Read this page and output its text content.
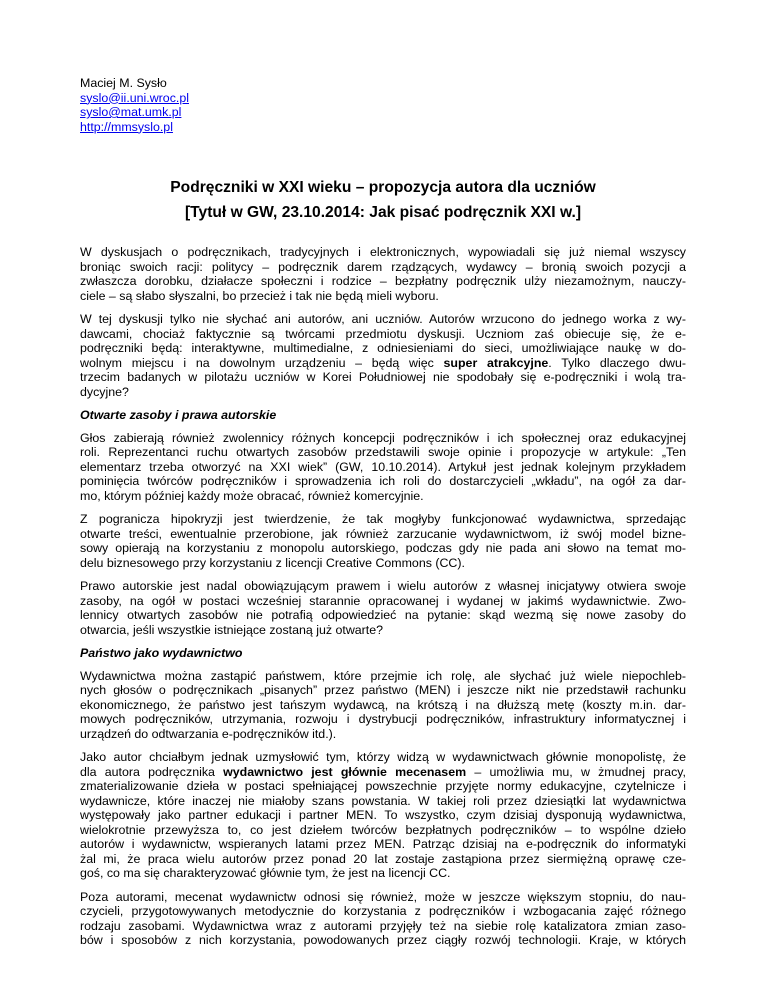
Maciej M. Sysło
syslo@ii.uni.wroc.pl
syslo@mat.umk.pl
http://mmsyslo.pl
Podręczniki w XXI wieku – propozycja autora dla uczniów
[Tytuł w GW, 23.10.2014: Jak pisać podręcznik XXI w.]

W dyskusjach o podręcznikach, tradycyjnych i elektronicznych, wypowiadali się już niemal wszyscy
broniąc swoich racji: politycy – podręcznik darem rządzących, wydawcy – bronią swoich pozycji a
zwłaszcza dorobku, działacze społeczni i rodzice – bezpłatny podręcznik ulży niezamożnym, nauczy-
ciele – są słabo słyszalni, bo przecież i tak nie będą mieli wyboru.

W tej dyskusji tylko nie słychać ani autorów, ani uczniów. Autorów wrzucono do jednego worka z wy-
dawcami, chociaż faktycznie są twórcami przedmiotu dyskusji. Uczniom zaś obiecuje się, że e-
podręczniki będą: interaktywne, multimedialne, z odniesieniami do sieci, umożliwiające naukę w do-
wolnym miejscu i na dowolnym urządzeniu – będą więc super atrakcyjne. Tylko dlaczego dwu-
trzecim badanych w pilotażu uczniów w Korei Południowej nie spodobały się e-podręczniki i wolą tra-
dycyjne?

Otwarte zasoby i prawa autorskie

Głos zabierają również zwolennicy różnych koncepcji podręczników i ich społecznej oraz edukacyjnej
roli. Reprezentanci ruchu otwartych zasobów przedstawili swoje opinie i propozycje w artykule: „Ten
elementarz trzeba otworzyć na XXI wiek” (GW, 10.10.2014). Artykuł jest jednak kolejnym przykładem
pominięcia twórców podręczników i sprowadzenia ich roli do dostarczycieli „wkładu”, na ogół za dar-
mo, którym później każdy może obracać, również komercyjnie.

Z pogranicza hipokryzji jest twierdzenie, że tak mogłyby funkcjonować wydawnictwa, sprzedając
otwarte treści, ewentualnie przerobione, jak również zarzucanie wydawnictwom, iż swój model bizne-
sowy opierają na korzystaniu z monopolu autorskiego, podczas gdy nie pada ani słowo na temat mo-
delu biznesowego przy korzystaniu z licencji Creative Commons (CC).

Prawo autorskie jest nadal obowiązującym prawem i wielu autorów z własnej inicjatywy otwiera swoje
zasoby, na ogół w postaci wcześniej starannie opracowanej i wydanej w jakimś wydawnictwie. Zwo-
lennicy otwartych zasobów nie potrafią odpowiedzieć na pytanie: skąd wezmą się nowe zasoby do
otwarcia, jeśli wszystkie istniejące zostaną już otwarte?

Państwo jako wydawnictwo

Wydawnictwa można zastąpić państwem, które przejmie ich rolę, ale słychać już wiele niepochleb-
nych głosów o podręcznikach „pisanych” przez państwo (MEN) i jeszcze nikt nie przedstawił rachunku
ekonomicznego, że państwo jest tańszym wydawcą, na krótszą i na dłuższą metę (koszty m.in. dar-
mowych podręczników, utrzymania, rozwoju i dystrybucji podręczników, infrastruktury informatycznej i
urządzeń do odtwarzania e-podręczników itd.).

Jako autor chciałbym jednak uzmysłowić tym, którzy widzą w wydawnictwach głównie monopolistę, że
dla autora podręcznika wydawnictwo jest głównie mecenasem – umożliwia mu, w żmudnej pracy,
zmaterializowanie dzieła w postaci spełniającej powszechnie przyjęte normy edukacyjne, czytelnicze i
wydawnicze, które inaczej nie miałoby szans powstania. W takiej roli przez dziesiątki lat wydawnictwa
występowały jako partner edukacji i partner MEN. To wszystko, czym dzisiaj dysponują wydawnictwa,
wielokrotnie przewyższa to, co jest dziełem twórców bezpłatnych podręczników – to wspólne dzieło
autorów i wydawnictw, wspieranych latami przez MEN. Patrząc dzisiaj na e-podręcznik do informatyki
żal mi, że praca wielu autorów przez ponad 20 lat zostaje zastąpiona przez siermiężną oprawę cze-
goś, co ma się charakteryzować głównie tym, że jest na licencji CC.

Poza autorami, mecenat wydawnictw odnosi się również, może w jeszcze większym stopniu, do nau-
czycieli, przygotowywanych metodycznie do korzystania z podręczników i wzbogacania zajęć różnego
rodzaju zasobami. Wydawnictwa wraz z autorami przyjęły też na siebie rolę katalizatora zmian zaso-
bów i sposobów z nich korzystania, powodowanych przez ciągły rozwój technologii. Kraje, w których
